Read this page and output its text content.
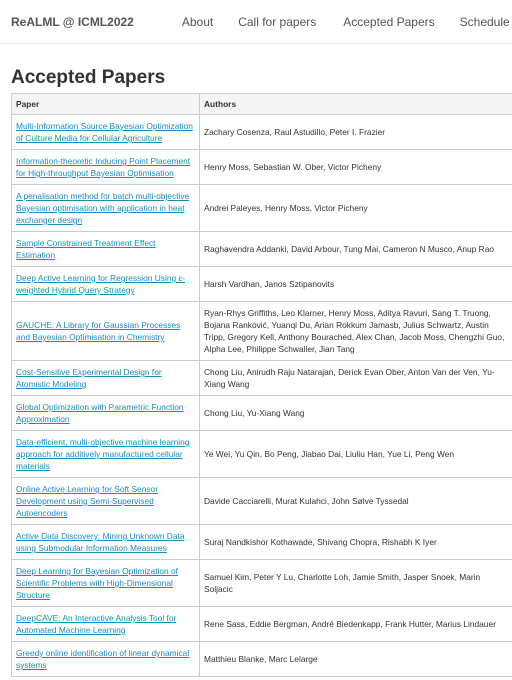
ReALML @ ICML2022	About Call for papers Accepted Papers Schedule
Accepted Papers
Paper	Authors
Multi-Information Source Bayesian Optimization of Culture Media for Cellular Agriculture	Zachary Cosenza, Raul Astudillo, Peter I. Frazier
Information-theoretic Inducing Point Placement for High-throughput Bayesian Optimisation	Henry Moss, Sebastian W. Ober, Victor Picheny
A penalisation method for batch multi-objective Bayesian optimisation with application in heat exchanger design	Andrei Paleyes, Henry Moss, Victor Picheny
Sample Constrained Treatment Effect Estimation	Raghavendra Addanki, David Arbour, Tung Mai, Cameron N Musco, Anup Rao
Deep Active Learning for Regression Using ε-weighted Hybrid Query Strategy	Harsh Vardhan, Janos Sztipanovits
GAUCHE: A Library for Gaussian Processes and Bayesian Optimisation in Chemistry	Ryan-Rhys Griffiths, Leo Klarner, Henry Moss, Aditya Ravuri, Sang T. Truong, Bojana Ranković, Yuanqi Du, Arian Rokkum Jamasb, Julius Schwartz, Austin Tripp, Gregory Kell, Anthony Bourached, Alex Chan, Jacob Moss, Chengzhi Guo, Alpha Lee, Philippe Schwaller, Jian Tang
Cost-Sensitive Experimental Design for Atomistic Modeling	Chong Liu, Anirudh Raju Natarajan, Derick Evan Ober, Anton Van der Ven, Yu-Xiang Wang
Global Optimization with Parametric Function Approximation	Chong Liu, Yu-Xiang Wang
Data-efficient, multi-objective machine learning approach for additively manufactured cellular materials	Ye Wei, Yu Qin, Bo Peng, Jiabao Dai, Liuliu Han, Yue Li, Peng Wen
Online Active Learning for Soft Sensor Development using Semi-Supervised Autoencoders	Davide Cacciarelli, Murat Kulahci, John Sølve Tyssedal
Active Data Discovery: Mining Unknown Data using Submodular Information Measures	Suraj Nandkishor Kothawade, Shivang Chopra, Rishabh K Iyer
Deep Learning for Bayesian Optimization of Scientific Problems with High-Dimensional Structure	Samuel Kim, Peter Y Lu, Charlotte Loh, Jamie Smith, Jasper Snoek, Marin Soljacic
DeepCAVE: An Interactive Analysis Tool for Automated Machine Learning	Rene Sass, Eddie Bergman, André Biedenkapp, Frank Hutter, Marius Lindauer
Greedy online identification of linear dynamical systems	Matthieu Blanke, Marc Lelarge
